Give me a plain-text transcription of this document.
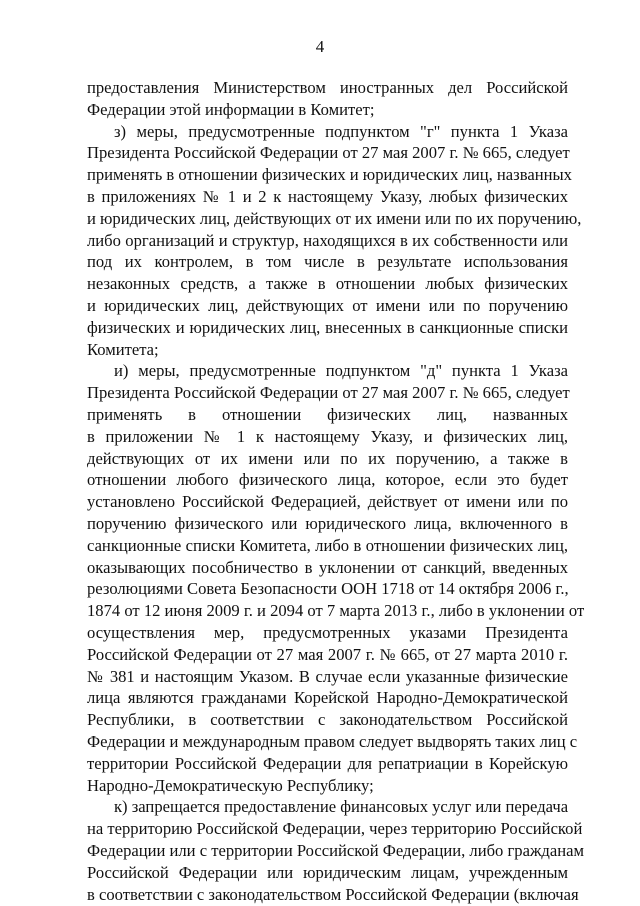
4
предоставления Министерством иностранных дел Российской
Федерации этой информации в Комитет;
з) меры, предусмотренные подпунктом "г" пункта 1 Указа
Президента Российской Федерации от 27 мая 2007 г. № 665, следует
применять в отношении физических и юридических лиц, названных
в приложениях № 1 и 2 к настоящему Указу, любых физических
и юридических лиц, действующих от их имени или по их поручению,
либо организаций и структур, находящихся в их собственности или
под их контролем, в том числе в результате использования
незаконных средств, а также в отношении любых физических
и юридических лиц, действующих от имени или по поручению
физических и юридических лиц, внесенных в санкционные списки
Комитета;
и) меры, предусмотренные подпунктом "д" пункта 1 Указа
Президента Российской Федерации от 27 мая 2007 г. № 665, следует
применять в отношении физических лиц, названных
в приложении № 1 к настоящему Указу, и физических лиц,
действующих от их имени или по их поручению, а также в
отношении любого физического лица, которое, если это будет
установлено Российской Федерацией, действует от имени или по
поручению физического или юридического лица, включенного в
санкционные списки Комитета, либо в отношении физических лиц,
оказывающих пособничество в уклонении от санкций, введенных
резолюциями Совета Безопасности ООН 1718 от 14 октября 2006 г.,
1874 от 12 июня 2009 г. и 2094 от 7 марта 2013 г., либо в уклонении от
осуществления мер, предусмотренных указами Президента
Российской Федерации от 27 мая 2007 г. № 665, от 27 марта 2010 г.
№ 381 и настоящим Указом. В случае если указанные физические
лица являются гражданами Корейской Народно-Демократической
Республики, в соответствии с законодательством Российской
Федерации и международным правом следует выдворять таких лиц с
территории Российской Федерации для репатриации в Корейскую
Народно-Демократическую Республику;
к) запрещается предоставление финансовых услуг или передача
на территорию Российской Федерации, через территорию Российской
Федерации или с территории Российской Федерации, либо гражданам
Российской Федерации или юридическим лицам, учрежденным
в соответствии с законодательством Российской Федерации (включая
